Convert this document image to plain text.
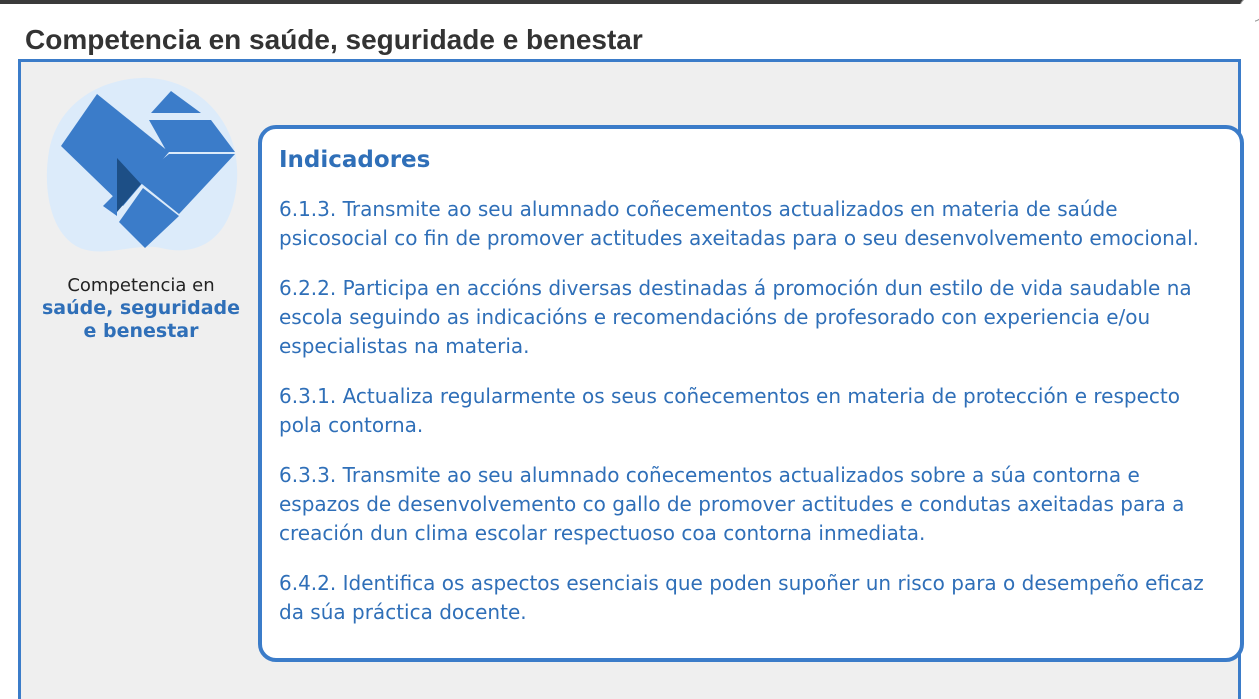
Competencia en saúde, seguridade e benestar
Competencia en
saúde, seguridade e benestar
Indicadores

6.1.3. Transmite ao seu alumnado coñecementos actualizados en materia de saúde psicosocial co fin de promover actitudes axeitadas para o seu desenvolvemento emocional.

6.2.2. Participa en accións diversas destinadas á promoción dun estilo de vida saudable na escola seguindo as indicacións e recomendacións de profesorado con experiencia e/ou especialistas na materia.

6.3.1. Actualiza regularmente os seus coñecementos en materia de protección e respecto pola contorna.

6.3.3. Transmite ao seu alumnado coñecementos actualizados sobre a súa contorna e espazos de desenvolvemento co gallo de promover actitudes e condutas axeitadas para a creación dun clima escolar respectuoso coa contorna inmediata.

6.4.2. Identifica os aspectos esenciais que poden supoñer un risco para o desempeño eficaz da súa práctica docente.
